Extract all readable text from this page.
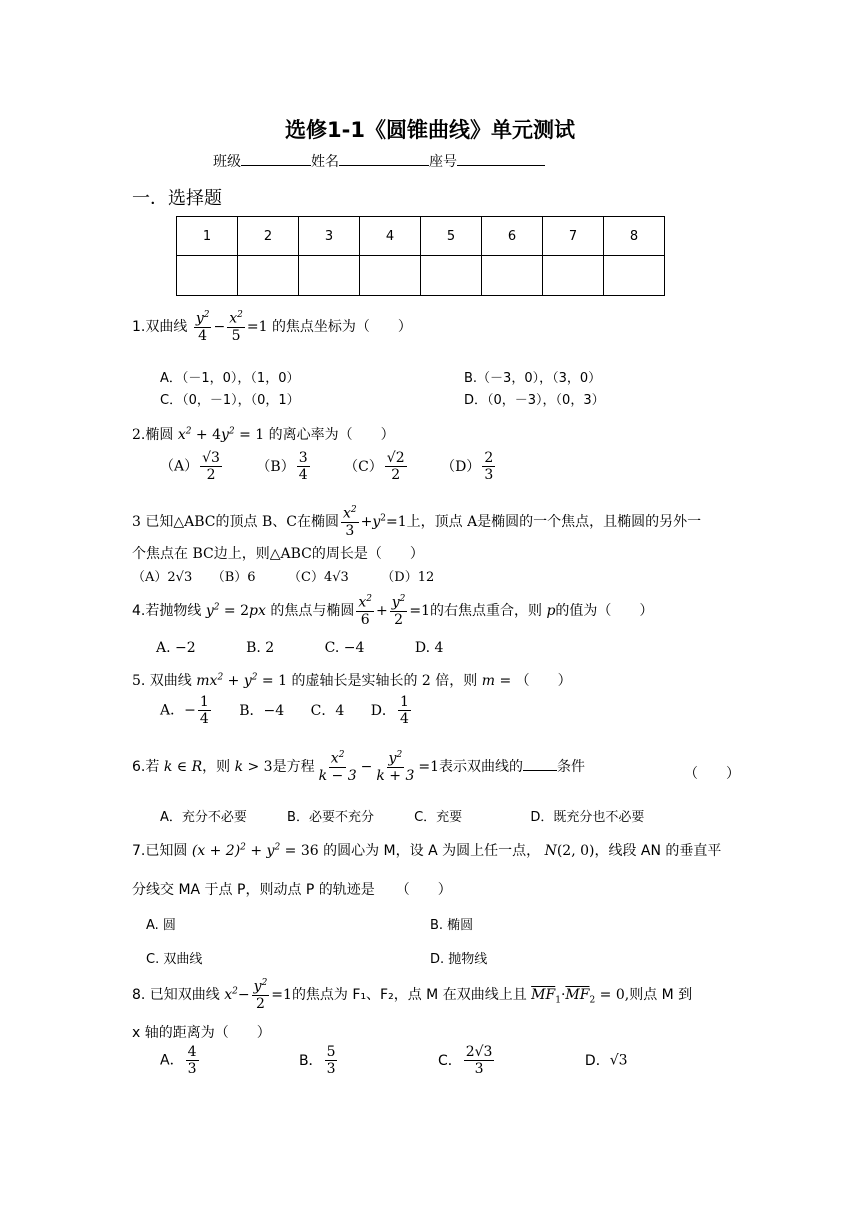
选修1-1《圆锥曲线》单元测试
班级	姓名	座号
一．选择题
1	2	3	4	5	6	7	8

1.双曲线 $\frac{y^2}{4} - \frac{x^2}{5} =1$ 的焦点坐标为（　　）
A．（－1，0），（1，0）	B.（－3，0），（3，0）
C．（0，－1），（0，1）	D．（0，－3），（0，3）
2.椭圆 $x^2 + 4y^2 = 1$ 的离心率为（　　）
$(A) \frac{√3}{2} (B) \frac{3}{4} (C) \frac{√2}{2} (D) \frac{2}{3}$
3 已知△ABC的顶点 B、C在椭圆 $\frac{x^2}{3} +y^2=1$上，顶点 A是椭圆的一个焦点，且椭圆的另外一
个焦点在 BC边上，则△ABC的周长是（　　）
（A）2√3　　（B）6　　　（C）4√3　　　（D）12
4.若抛物线 $y^2 = 2px$ 的焦点与椭圆 $\frac{x^2}{6} + \frac{y^2}{2} =1$的右焦点重合，则 p的值为（　　）
A. −2	B. 2	C. −4	D. 4
5. 双曲线 $mx^2 + y^2 = 1$ 的虚轴长是实轴长的 2 倍，则 m = （　　）
A．− $\frac{1}{4}$ B．−4 C．4 D． $\frac{1}{4}$
6.若 k ∈ R，则 k > 3是方程 $\frac{x^2}{k - 3} - \frac{y^2}{k + 3} =1$表示双曲线的 条件	（　　）
A．充分不必要	B．必要不充分	C．充要	D．既充分也不必要
7.已知圆 $(x + 2)^2 + y^2 = 36$ 的圆心为 M，设 A 为圆上任一点， N(2, 0)，线段 AN 的垂直平
分线交 MA 于点 P，则动点 P 的轨迹是　　（　　）
A. 圆	B. 椭圆
C. 双曲线	D. 抛物线
8. 已知双曲线 $x^2- \frac{y^2}{2} =1$的焦点为 F₁、F₂，点 M 在双曲线上且 $\overline{MF}_1\cdot\overline{MF}_2 = 0$,则点 M 到
x 轴的距离为（　　）
A． $\frac{4}{3}$	B． $\frac{5}{3}$	C． $\frac{2√3}{3}$	D．√3
